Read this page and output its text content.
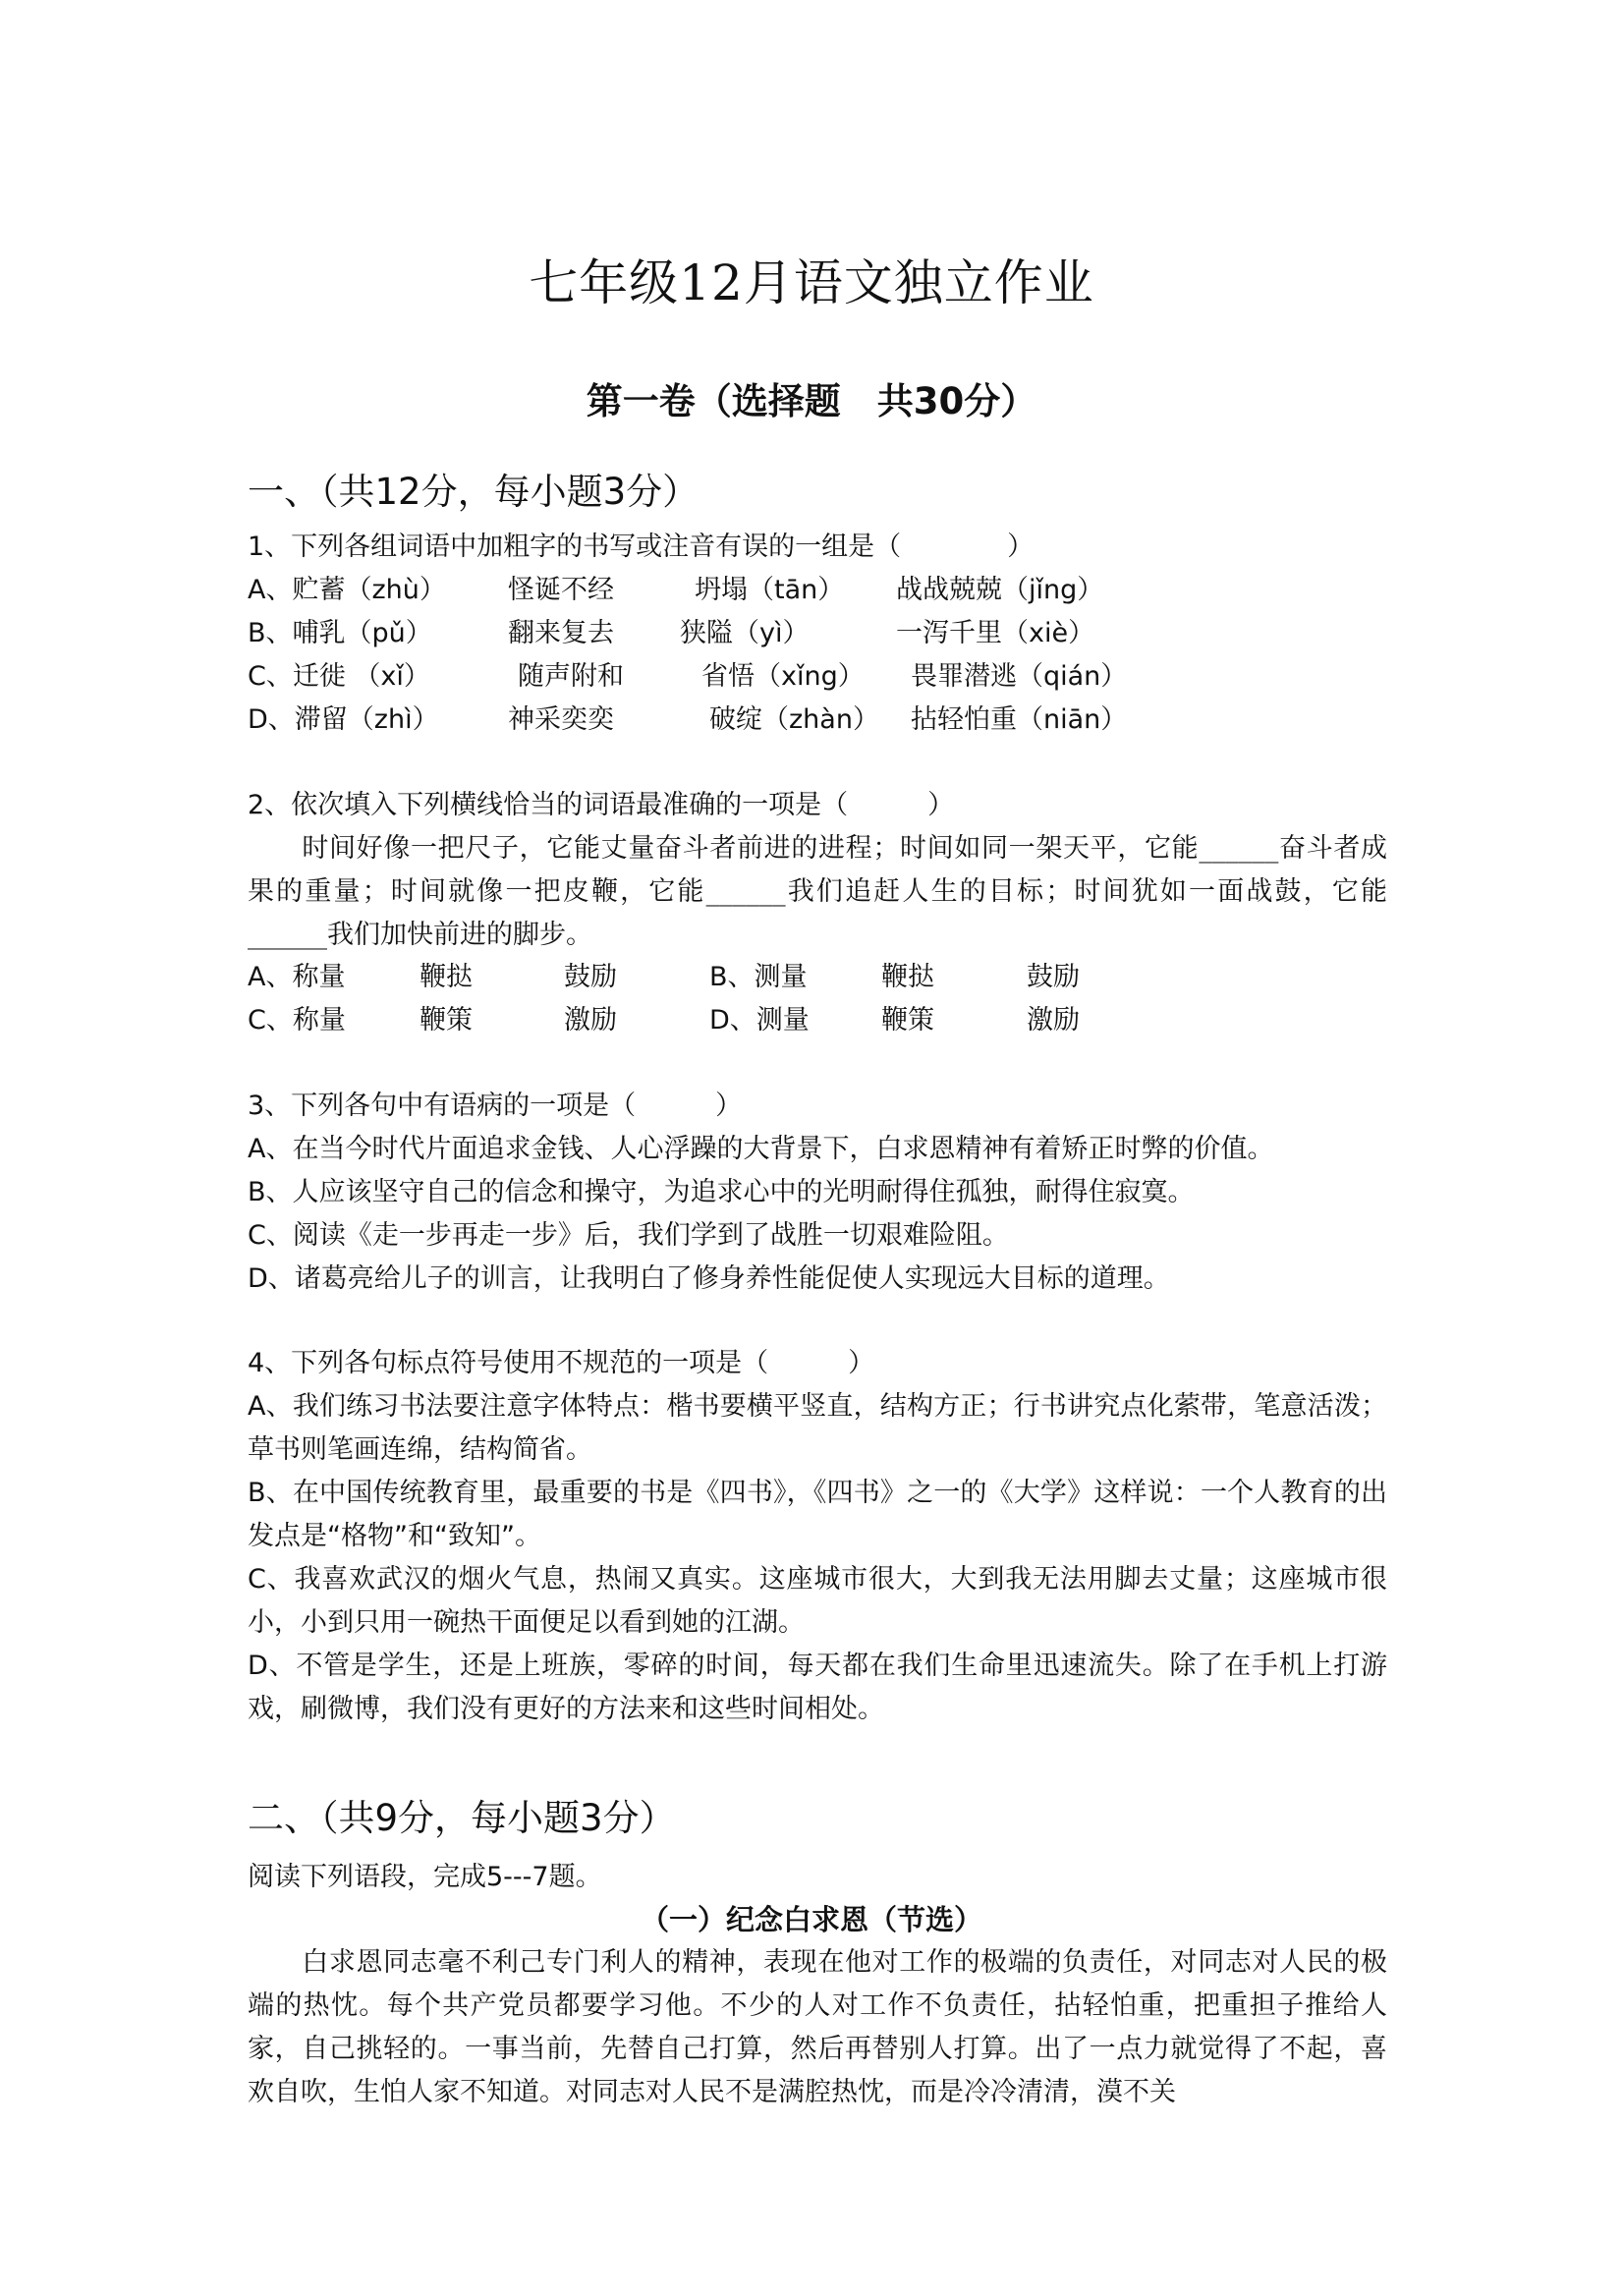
七年级12月语文独立作业
第一卷（选择题　共30分）
一、（共12分，每小题3分）
1、下列各组词语中加粗字的书写或注音有误的一组是（　　　　）
A、贮蓄（zhù） 怪诞不经	坍塌（tān） 战战兢兢（jǐng）
B、哺乳（pǔ）	翻来复去 狭隘（yì）	一泻千里（xiè）
C、迁徙 （xǐ）	随声附和	省悟（xǐng） 畏罪潜逃（qián）
D、滞留（zhì）	神采奕奕	破绽（zhàn） 拈轻怕重（niān）
2、依次填入下列横线恰当的词语最准确的一项是（　　　）
　　时间好像一把尺子，它能丈量奋斗者前进的进程；时间如同一架天平，它能______奋斗者成果的重量；时间就像一把皮鞭，它能______我们追赶人生的目标；时间犹如一面战鼓，它能______我们加快前进的脚步。
A、称量	鞭挞	鼓励	B、测量	鞭挞	鼓励
C、称量	鞭策	激励	D、测量	鞭策	激励
3、下列各句中有语病的一项是（　　　）
A、在当今时代片面追求金钱、人心浮躁的大背景下，白求恩精神有着矫正时弊的价值。
B、人应该坚守自己的信念和操守，为追求心中的光明耐得住孤独，耐得住寂寞。
C、阅读《走一步再走一步》后，我们学到了战胜一切艰难险阻。
D、诸葛亮给儿子的训言，让我明白了修身养性能促使人实现远大目标的道理。
4、下列各句标点符号使用不规范的一项是（　　　）
A、我们练习书法要注意字体特点：楷书要横平竖直，结构方正；行书讲究点化萦带，笔意活泼；草书则笔画连绵，结构简省。
B、在中国传统教育里，最重要的书是《四书》，《四书》之一的《大学》这样说：一个人教育的出发点是“格物”和“致知”。
C、我喜欢武汉的烟火气息，热闹又真实。这座城市很大，大到我无法用脚去丈量；这座城市很小，小到只用一碗热干面便足以看到她的江湖。
D、不管是学生，还是上班族，零碎的时间，每天都在我们生命里迅速流失。除了在手机上打游戏，刷微博，我们没有更好的方法来和这些时间相处。
二、（共9分，每小题3分）
阅读下列语段，完成5---7题。
（一）纪念白求恩（节选）
　　白求恩同志毫不利己专门利人的精神，表现在他对工作的极端的负责任，对同志对人民的极端的热忱。每个共产党员都要学习他。不少的人对工作不负责任，拈轻怕重，把重担子推给人家，自己挑轻的。一事当前，先替自己打算，然后再替别人打算。出了一点力就觉得了不起，喜欢自吹，生怕人家不知道。对同志对人民不是满腔热忱，而是冷冷清清，漠不关
